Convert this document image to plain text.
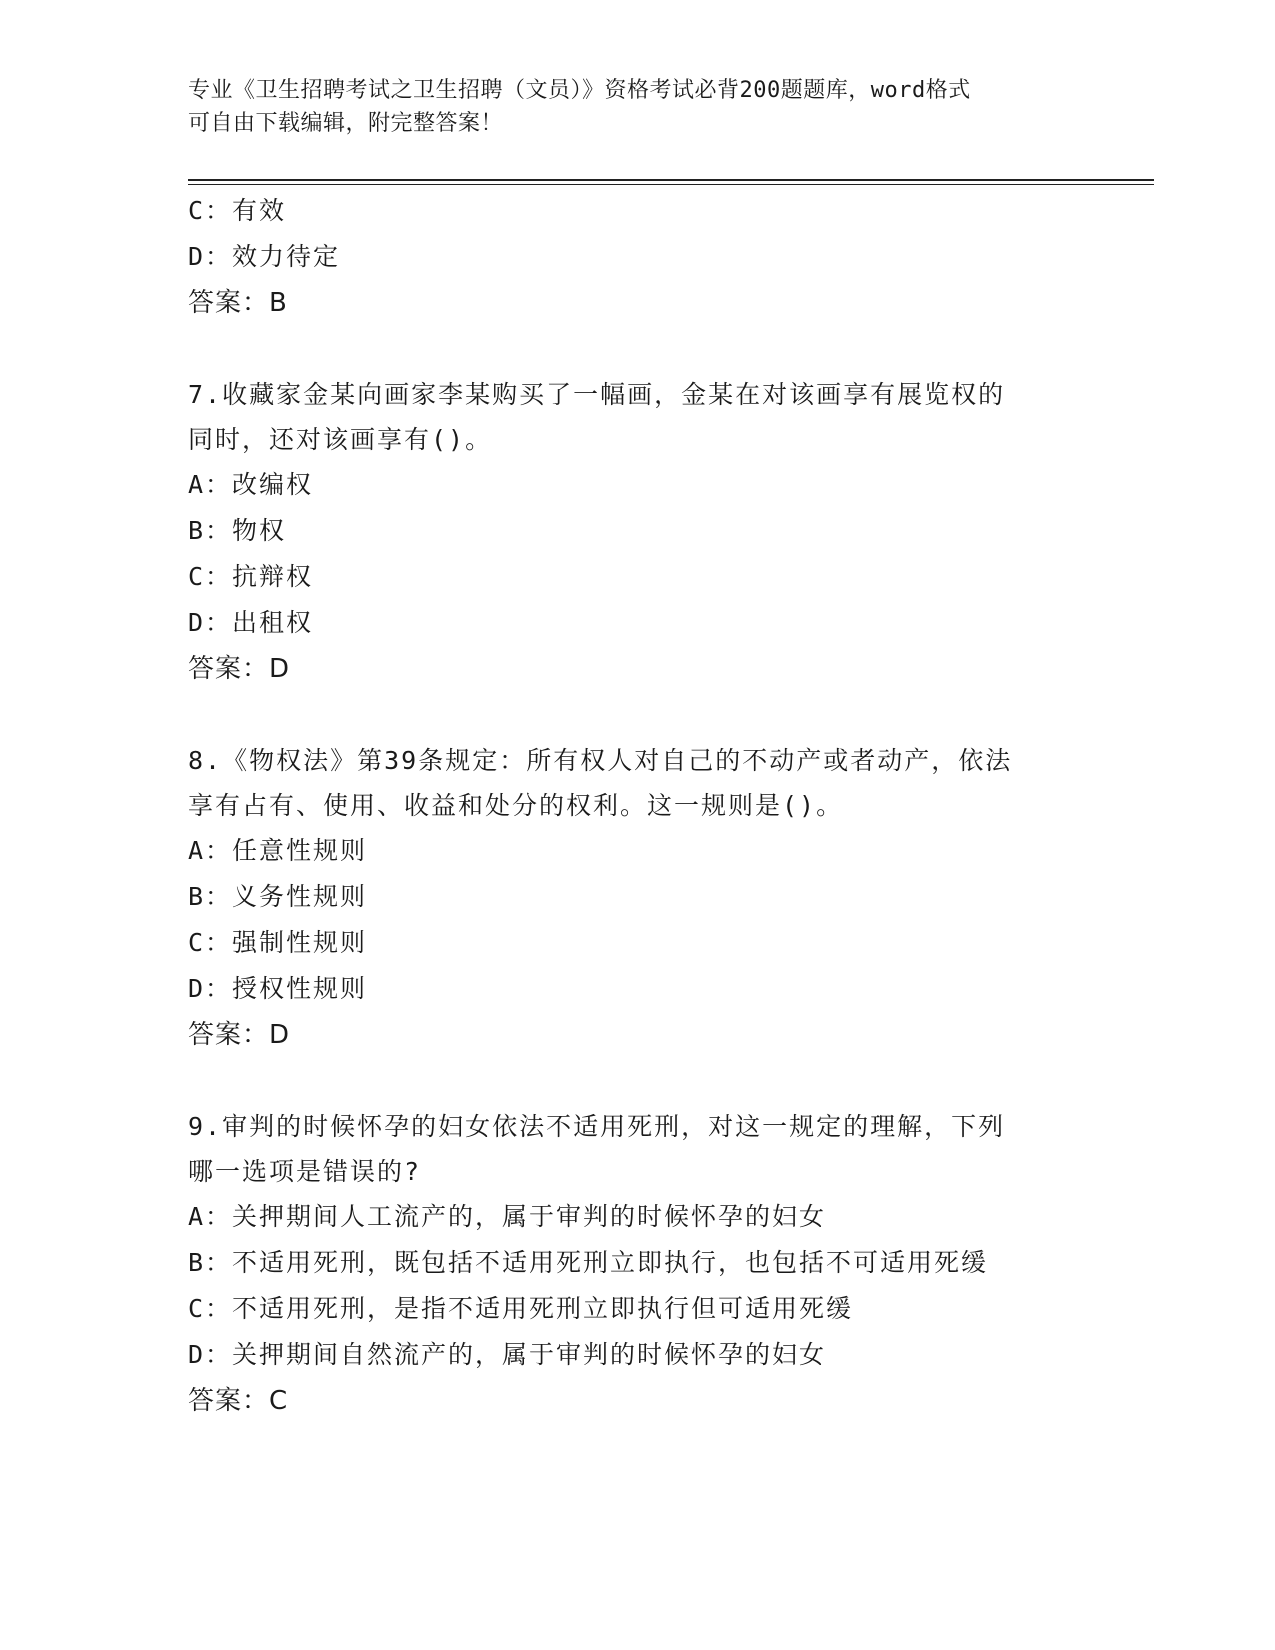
专业《卫生招聘考试之卫生招聘（文员）》资格考试必背200题题库，word格式
可自由下载编辑，附完整答案！
C：有效
D：效力待定
答案：B
7.收藏家金某向画家李某购买了一幅画，金某在对该画享有展览权的
同时，还对该画享有()。
A：改编权
B：物权
C：抗辩权
D：出租权
答案：D
8.《物权法》第39条规定：所有权人对自己的不动产或者动产，依法
享有占有、使用、收益和处分的权利。这一规则是()。
A：任意性规则
B：义务性规则
C：强制性规则
D：授权性规则
答案：D
9.审判的时候怀孕的妇女依法不适用死刑，对这一规定的理解，下列
哪一选项是错误的?
A：关押期间人工流产的，属于审判的时候怀孕的妇女
B：不适用死刑，既包括不适用死刑立即执行，也包括不可适用死缓
C：不适用死刑，是指不适用死刑立即执行但可适用死缓
D：关押期间自然流产的，属于审判的时候怀孕的妇女
答案：C
